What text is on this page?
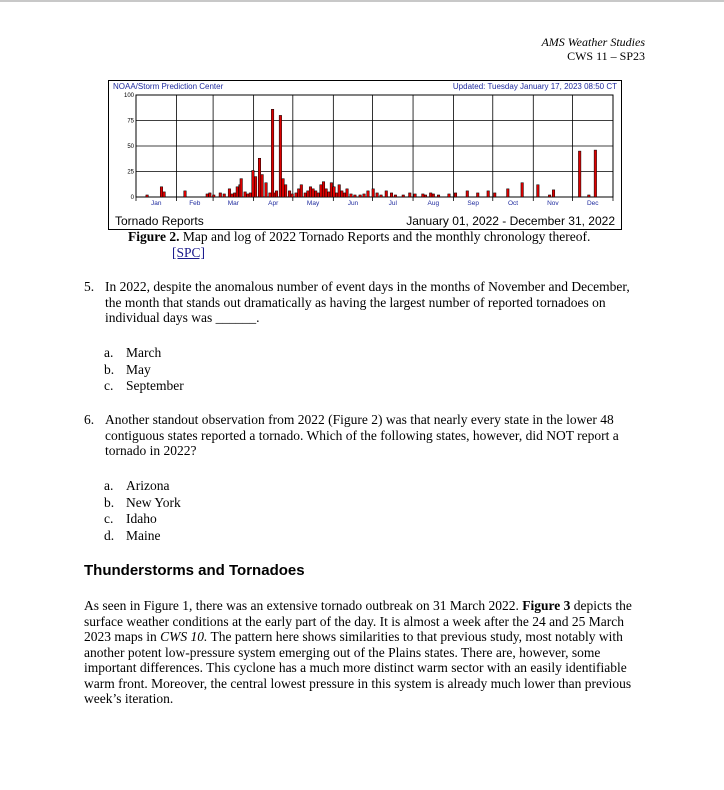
AMS Weather Studies
CWS 11 – SP23
NOAA/Storm Prediction Center	Updated: Tuesday January 17, 2023 08:50 CT
0
25
50
75
100
Jan	Feb	Mar	Apr	May	Jun	Jul	Aug	Sep	Oct	Nov	Dec
Tornado Reports	January 01, 2022 - December 31, 2022
Figure 2. Map and log of 2022 Tornado Reports and the monthly chronology thereof.
[SPC]
5. In 2022, despite the anomalous number of event days in the months of November and December, the month that stands out dramatically as having the largest number of reported tornadoes on individual days was ______.
a. March
b. May
c. September
6. Another standout observation from 2022 (Figure 2) was that nearly every state in the lower 48 contiguous states reported a tornado. Which of the following states, however, did NOT report a tornado in 2022?
a. Arizona
b. New York
c. Idaho
d. Maine
Thunderstorms and Tornadoes
As seen in Figure 1, there was an extensive tornado outbreak on 31 March 2022. Figure 3 depicts the surface weather conditions at the early part of the day. It is almost a week after the 24 and 25 March 2023 maps in CWS 10. The pattern here shows similarities to that previous study, most notably with another potent low-pressure system emerging out of the Plains states. There are, however, some important differences. This cyclone has a much more distinct warm sector with an easily identifiable warm front. Moreover, the central lowest pressure in this system is already much lower than previous week’s iteration.
